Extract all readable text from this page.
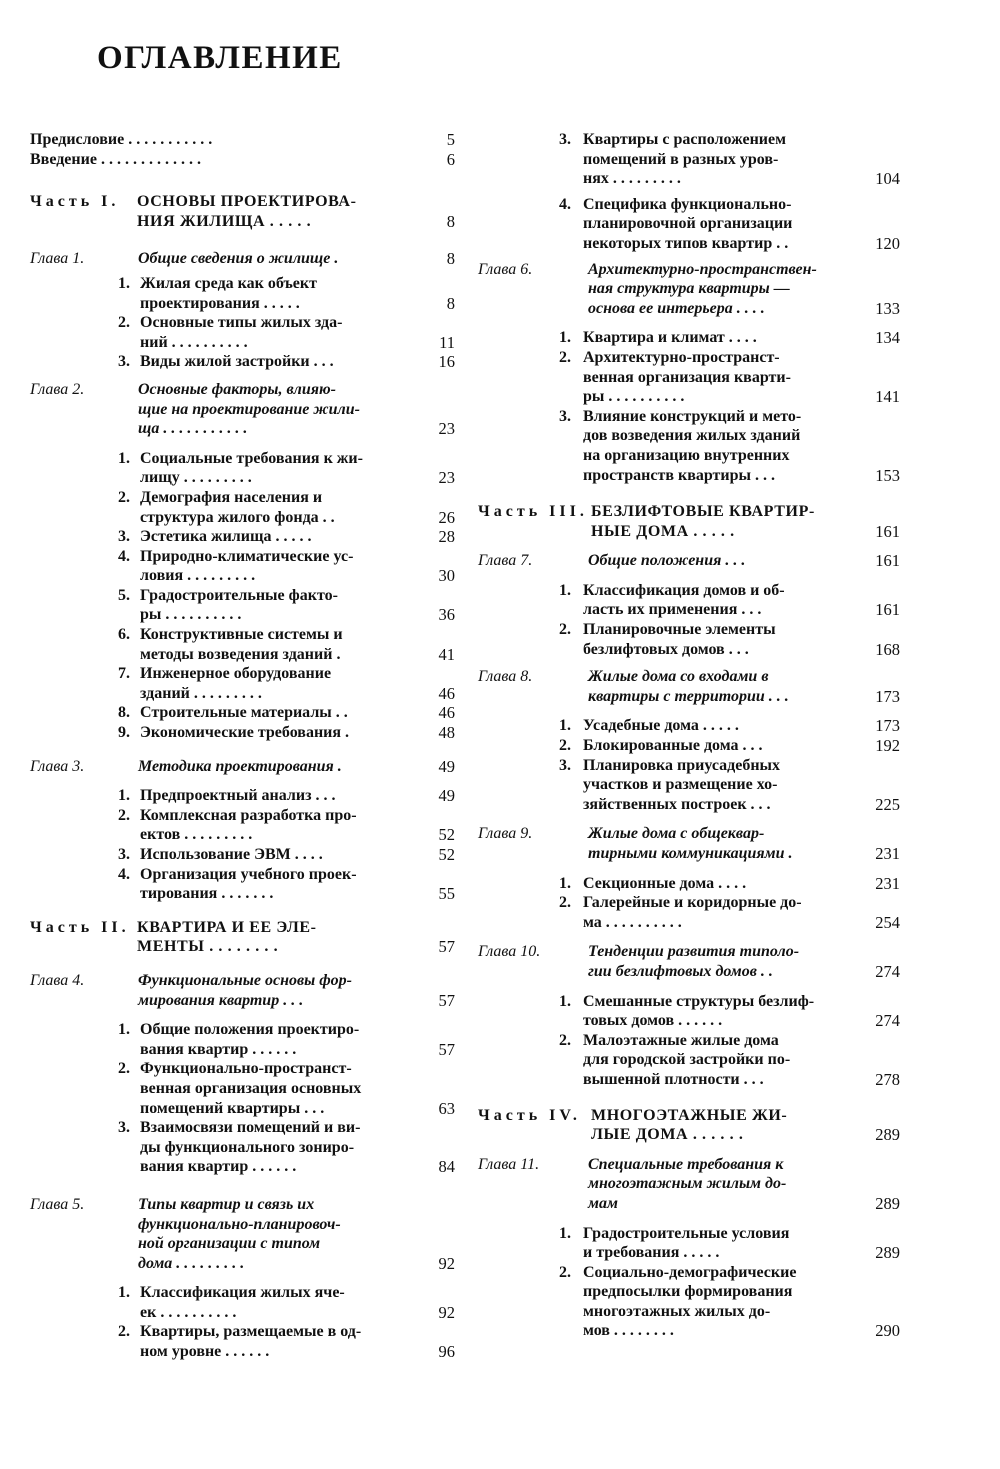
ОГЛАВЛЕНИЕ
Предисловие . . . . . . . . . . .	5
Введение . . . . . . . . . . . . .	6
Часть I. ОСНОВЫ ПРОЕКТИРОВА-
НИЯ ЖИЛИЩА . . . . .	8
Глава 1.	Общие сведения о жилище .	8
1. Жилая среда как объект
проектирования . . . . .	8
2. Основные типы жилых зда-
ний . . . . . . . . . .	11
3. Виды жилой застройки . . .	16
Глава 2.	Основные факторы, влияю-
щие на проектирование жили-
ща . . . . . . . . . . .	23
1. Социальные требования к жи-
лищу . . . . . . . . .	23
2. Демография населения и
структура жилого фонда . .	26
3. Эстетика жилища . . . . .	28
4. Природно-климатические ус-
ловия . . . . . . . . .	30
5. Градостроительные факто-
ры . . . . . . . . . .	36
6. Конструктивные системы и
методы возведения зданий .	41
7. Инженерное оборудование
зданий . . . . . . . . .	46
8. Строительные материалы . .	46
9. Экономические требования .	48
Глава 3.	Методика проектирования .	49
1. Предпроектный анализ . . .	49
2. Комплексная разработка про-
ектов . . . . . . . . .	52
3. Использование ЭВМ . . . .	52
4. Организация учебного проек-
тирования . . . . . . .	55
Часть II. КВАРТИРА И ЕЕ ЭЛЕ-
МЕНТЫ . . . . . . . .	57
Глава 4.	Функциональные основы фор-
мирования квартир . . .	57
1. Общие положения проектиро-
вания квартир . . . . . .	57
2. Функционально-пространст-
венная организация основных
помещений квартиры . . .	63
3. Взаимосвязи помещений и ви-
ды функционального зониро-
вания квартир . . . . . .	84
Глава 5.	Типы квартир и связь их
функционально-планировоч-
ной организации с типом
дома . . . . . . . . .	92
1. Классификация жилых ячe-
ек . . . . . . . . . .	92
2. Квартиры, размещаемые в од-
ном уровне . . . . . .	96
3. Квартиры с расположением
помещений в разных уров-
нях . . . . . . . . .	104
4. Специфика функционально-
планировочной организации
некоторых типов квартир . .	120
Глава 6.	Архитектурно-пространствен-
ная структура квартиры —
основа ее интерьера . . . .	133
1. Квартира и климат . . . .	134
2. Архитектурно-пространст-
венная организация кварти-
ры . . . . . . . . . .	141
3. Влияние конструкций и мето-
дов возведения жилых зданий
на организацию внутренних
пространств квартиры . . .	153
Часть III. БЕЗЛИФТОВЫЕ КВАРТИР-
НЫЕ ДОМА . . . . .	161
Глава 7.	Общие положения . . .	161
1. Классификация домов и об-
ласть их применения . . .	161
2. Планировочные элементы
безлифтовых домов . . .	168
Глава 8.	Жилые дома со входами в
квартиры с территории . . .	173
1. Усадебные дома . . . . .	173
2. Блокированные дома . . .	192
3. Планировка приусадебных
участков и размещение хо-
зяйственных построек . . .	225
Глава 9.	Жилые дома с общеквар-
тирными коммуникациями .	231
1. Секционные дома . . . .	231
2. Галерейные и коридорные до-
ма . . . . . . . . . .	254
Глава 10.	Тенденции развития типоло-
гии безлифтовых домов . .	274
1. Смешанные структуры безлиф-
товых домов . . . . . .	274
2. Малоэтажные жилые дома
для городской застройки по-
вышенной плотности . . .	278
Часть IV. МНОГОЭТАЖНЫЕ ЖИ-
ЛЫЕ ДОМА . . . . . .	289
Глава 11.	Специальные требования к
многоэтажным жилым до-
мам	289
1. Градостроительные условия
и требования . . . . .	289
2. Социально-демографические
предпосылки формирования
многоэтажных жилых до-
мов . . . . . . . .	290
